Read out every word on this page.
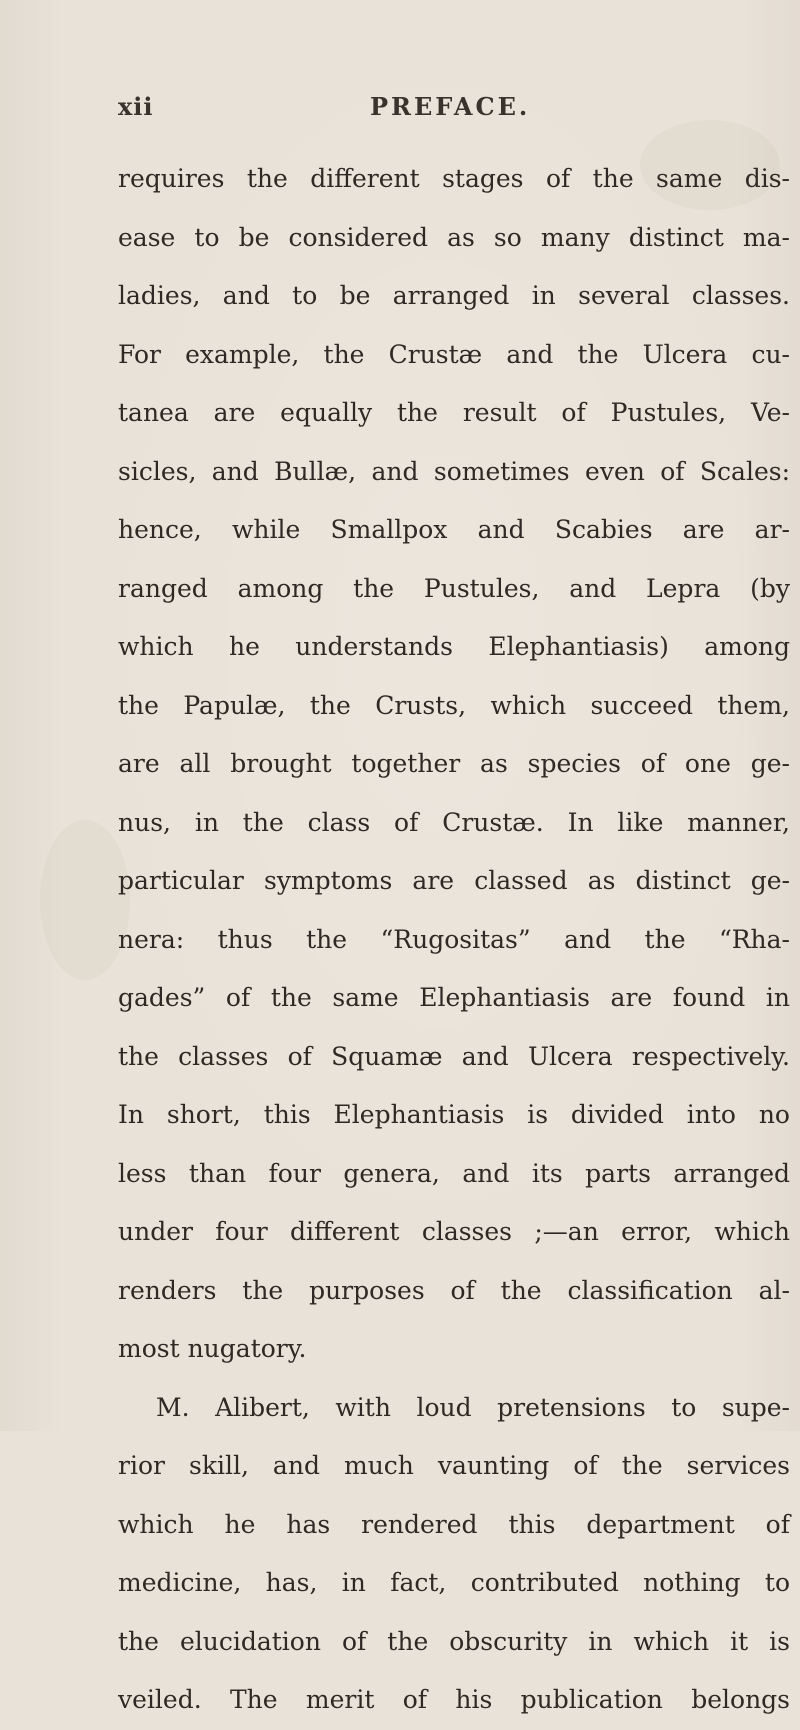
xii	PREFACE.
requires the different stages of the same dis-
ease to be considered as so many distinct ma-
ladies, and to be arranged in several classes.
For example, the Crustæ and the Ulcera cu-
tanea are equally the result of Pustules, Ve-
sicles, and Bullæ, and sometimes even of Scales:
hence, while Smallpox and Scabies are ar-
ranged among the Pustules, and Lepra (by
which he understands Elephantiasis) among
the Papulæ, the Crusts, which succeed them,
are all brought together as species of one ge-
nus, in the class of Crustæ. In like manner,
particular symptoms are classed as distinct ge-
nera: thus the “Rugositas” and the “Rha-
gades” of the same Elephantiasis are found in
the classes of Squamæ and Ulcera respectively.
In short, this Elephantiasis is divided into no
less than four genera, and its parts arranged
under four different classes ;—an error, which
renders the purposes of the classification al-
most nugatory.
M. Alibert, with loud pretensions to supe-
rior skill, and much vaunting of the services
which he has rendered this department of
medicine, has, in fact, contributed nothing to
the elucidation of the obscurity in which it is
veiled. The merit of his publication belongs
